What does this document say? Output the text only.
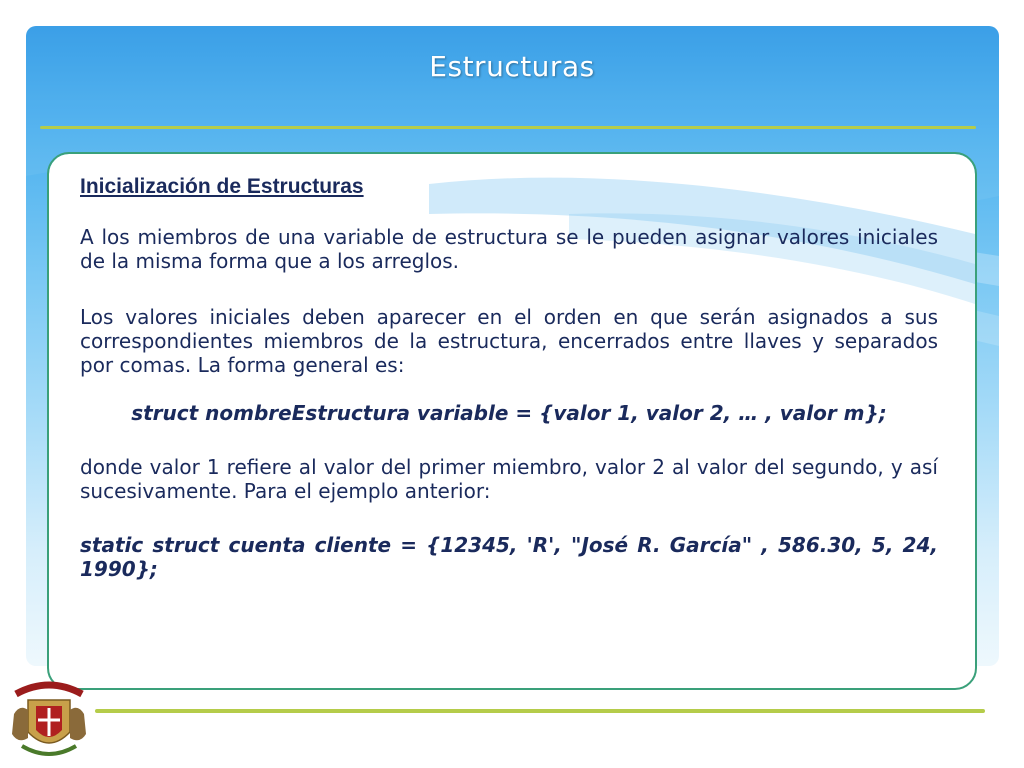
Estructuras
Inicialización de Estructuras

A los miembros de una variable de estructura se le pueden asignar valores iniciales de la misma forma que a los arreglos.

Los valores iniciales deben aparecer en el orden en que serán asignados a sus correspondientes miembros de la estructura, encerrados entre llaves y separados por comas. La forma general es:

struct nombreEstructura variable = {valor 1, valor 2, … , valor m};

donde valor 1 refiere al valor del primer miembro, valor 2 al valor del segundo, y así sucesivamente. Para el ejemplo anterior:

static struct cuenta cliente = {12345, 'R', "José R. García" , 586.30, 5, 24, 1990};
